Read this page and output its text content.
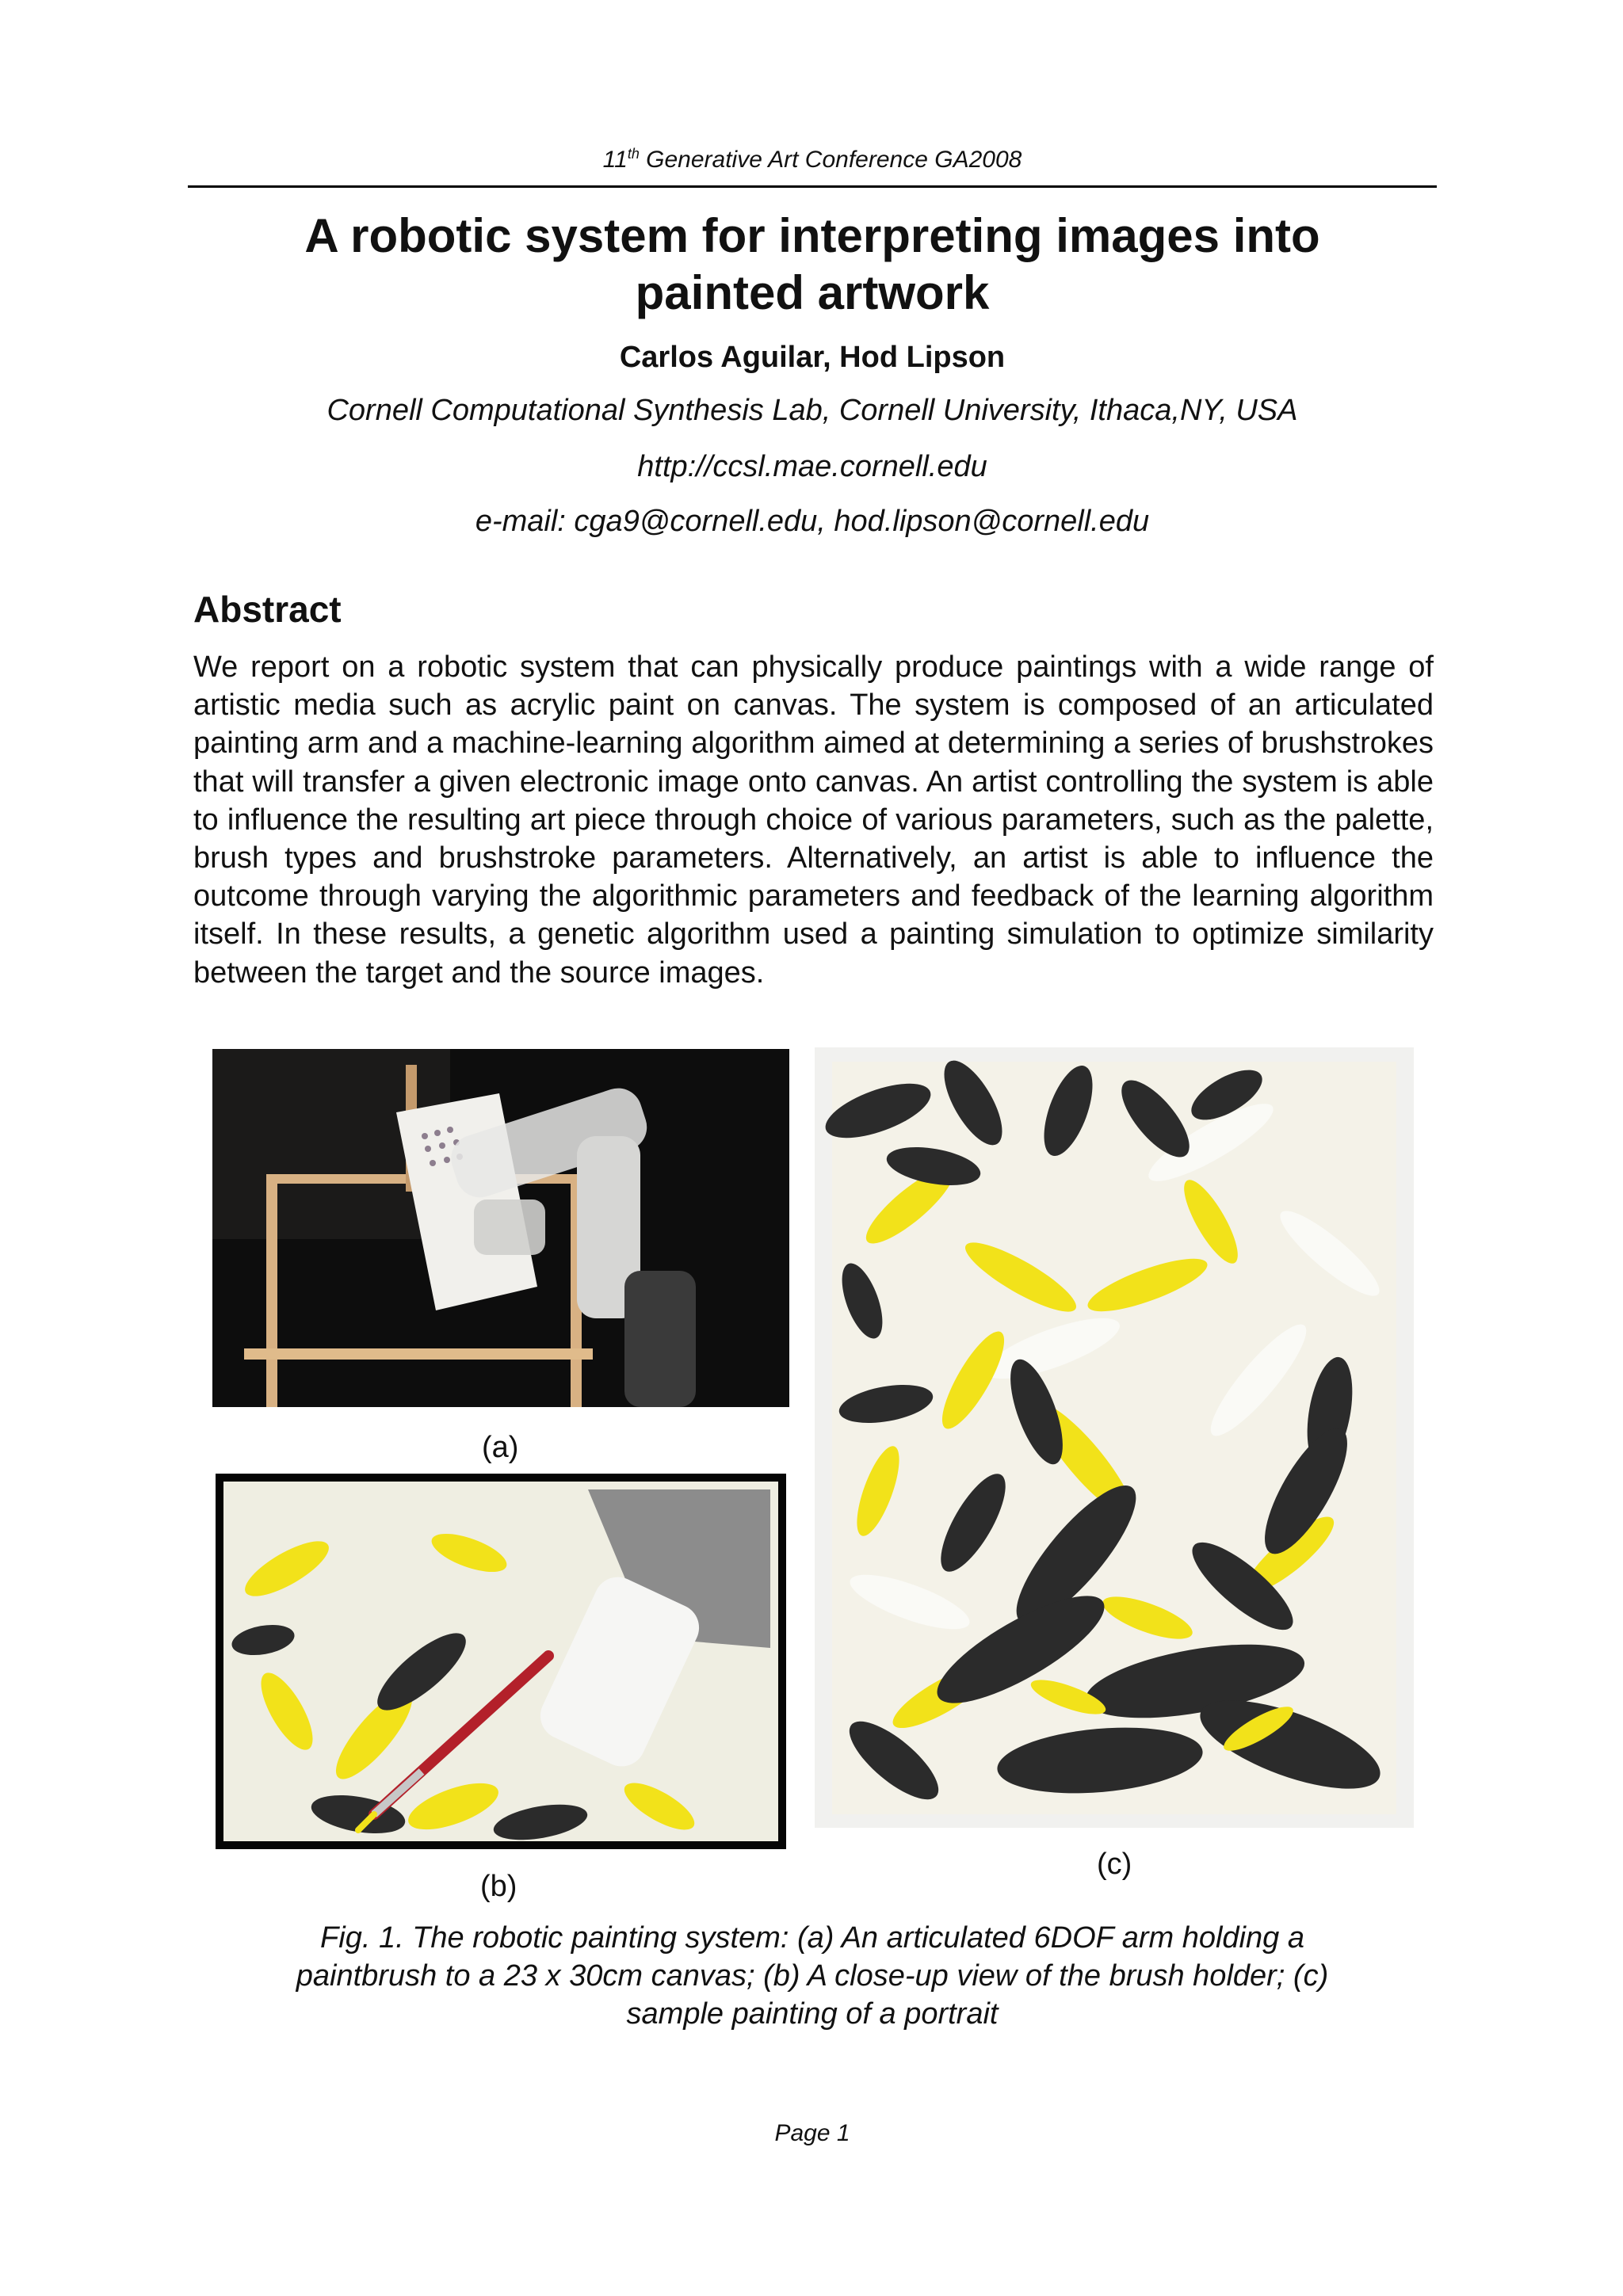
11th Generative Art Conference GA2008
A robotic system for interpreting images into
painted artwork
Carlos Aguilar, Hod Lipson
Cornell Computational Synthesis Lab, Cornell University, Ithaca,NY, USA
http://ccsl.mae.cornell.edu
e-mail: cga9@cornell.edu, hod.lipson@cornell.edu
Abstract

We report on a robotic system that can physically produce paintings with a wide range of artistic media such as acrylic paint on canvas. The system is composed of an articulated painting arm and a machine-learning algorithm aimed at determining a series of brushstrokes that will transfer a given electronic image onto canvas. An artist controlling the system is able to influence the resulting art piece through choice of various parameters, such as the palette, brush types and brushstroke parameters. Alternatively, an artist is able to influence the outcome through varying the algorithmic parameters and feedback of the learning algorithm itself. In these results, a genetic algorithm used a painting simulation to optimize similarity between the target and the source images.

(a)
(b)
(c)
Fig. 1. The robotic painting system: (a) An articulated 6DOF arm holding a
paintbrush to a 23 x 30cm canvas; (b) A close-up view of the brush holder; (c)
sample painting of a portrait
Page 1
